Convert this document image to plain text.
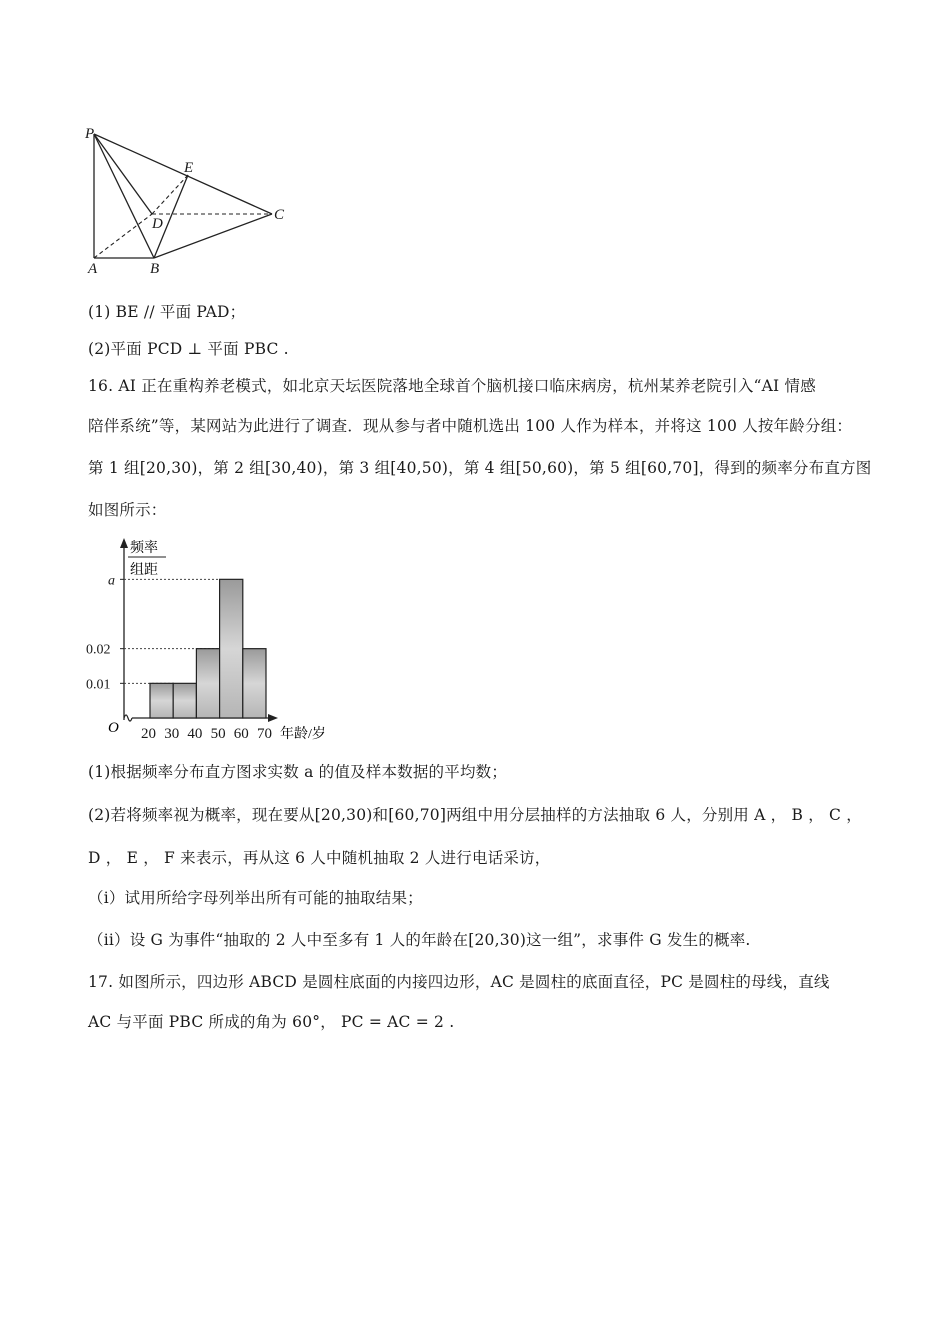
P
E
D
C
A	B
(1) BE // 平面 PAD；
(2)平面 PCD ⊥ 平面 PBC .
16. AI 正在重构养老模式，如北京天坛医院落地全球首个脑机接口临床病房，杭州某养老院引入“AI 情感
陪伴系统”等，某网站为此进行了调查．现从参与者中随机选出 100 人作为样本，并将这 100 人按年龄分组：
第 1 组[20,30)，第 2 组[30,40)，第 3 组[40,50)，第 4 组[50,60)，第 5 组[60,70]，得到的频率分布直方图
如图所示：
0.01
0.02
a
20 30 40 50 60 70
频率
组距
O	年龄/岁
(1)根据频率分布直方图求实数 a 的值及样本数据的平均数；
(2)若将频率视为概率，现在要从[20,30)和[60,70]两组中用分层抽样的方法抽取 6 人，分别用 A ， B ， C ，
D ， E ， F 来表示，再从这 6 人中随机抽取 2 人进行电话采访，
（i）试用所给字母列举出所有可能的抽取结果；
（ii）设 G 为事件“抽取的 2 人中至多有 1 人的年龄在[20,30)这一组”，求事件 G 发生的概率.
17. 如图所示，四边形 ABCD 是圆柱底面的内接四边形，AC 是圆柱的底面直径，PC 是圆柱的母线，直线
AC 与平面 PBC 所成的角为 60°， PC = AC = 2 .
